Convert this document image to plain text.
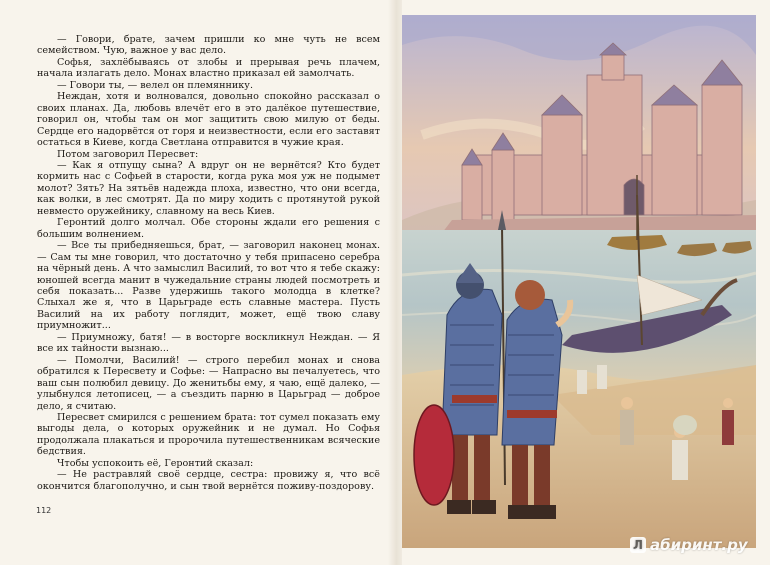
— Говори, брате, зачем пришли ко мне чуть не всем семейством. Чую, важное у вас дело.

Софья, захлёбываясь от злобы и прерывая речь плачем, начала излагать дело. Монах властно приказал ей замолчать.

— Говори ты, — велел он племяннику.

Неждан, хотя и волновался, довольно спокойно рассказал о своих планах. Да, любовь влечёт его в это далёкое путешествие, говорил он, чтобы там он мог защитить свою милую от беды. Сердце его надорвётся от горя и неизвестности, если его заставят остаться в Киеве, когда Светлана отправится в чужие края.

Потом заговорил Пересвет:

— Как я отпущу сына? А вдруг он не вернётся? Кто будет кормить нас с Софьей в старости, когда рука моя уж не подымет молот? Зять? На зятьёв надежда плоха, известно, что они всегда, как волки, в лес смотрят. Да по миру ходить с протянутой рукой невместо оружейнику, славному на весь Киев.

Геронтий долго молчал. Обе стороны ждали его решения с большим волнением.

— Все ты прибедняешься, брат, — заговорил наконец монах. — Сам ты мне говорил, что достаточно у тебя припасено серебра на чёрный день. А что замыслил Василий, то вот что я тебе скажу: юношей всегда манит в чужедальние страны людей посмотреть и себя показать... Разве удержишь такого молодца в клетке? Слыхал же я, что в Царьграде есть славные мастера. Пусть Василий на их работу поглядит, может, ещё твою славу приумножит...

— Приумножу, батя! — в восторге воскликнул Неждан. — Я все их тайности вызнаю...

— Помолчи, Василий! — строго перебил монах и снова обратился к Пересвету и Софье: — Напрасно вы печалуетесь, что ваш сын полюбил девицу. До женитьбы ему, я чаю, ещё далеко, — улыбнулся летописец, — а съездить парню в Царьград — доброе дело, я считаю.

Пересвет смирился с решением брата: тот сумел показать ему выгоды дела, о которых оружейник и не думал. Но Софья продолжала плакаться и пророчила путешественникам всяческие бедствия.

Чтобы успокоить её, Геронтий сказал:

— Не растравляй своё сердце, сестра: провижу я, что всё окончится благополучно, и сын твой вернётся поживу-поздорову.

112
Л абиринт.ру
